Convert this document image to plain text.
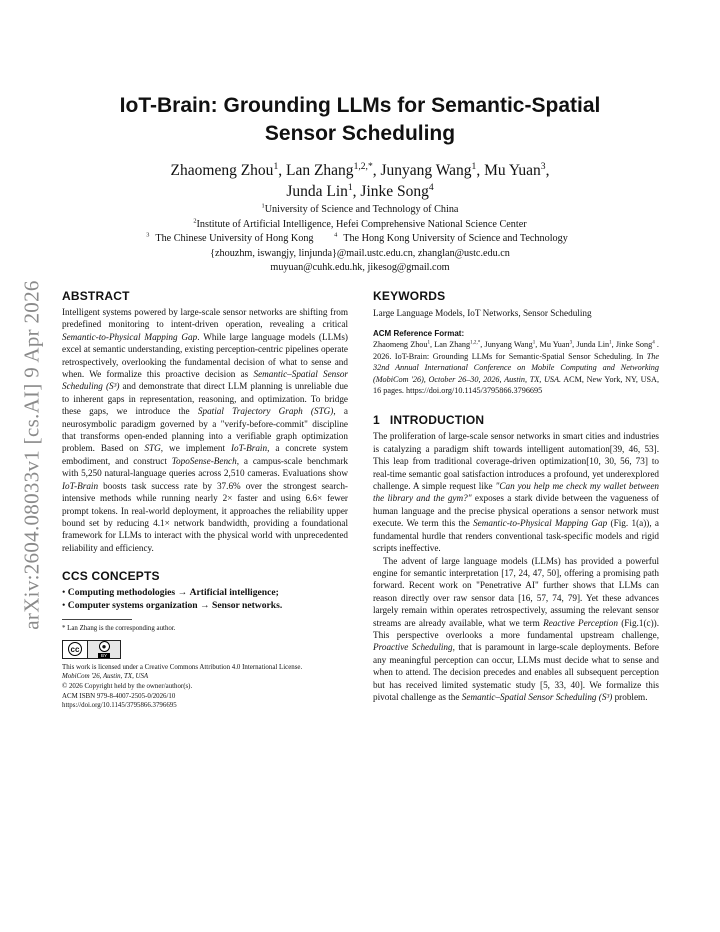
arXiv:2604.08033v1 [cs.AI] 9 Apr 2026
IoT-Brain: Grounding LLMs for Semantic-Spatial
Sensor Scheduling
Zhaomeng Zhou$^1$, Lan Zhang$^{1,2,*}$, Junyang Wang$^1$, Mu Yuan$^3$,
Junda Lin$^1$, Jinke Song$^4$
$^1$University of Science and Technology of China
$^2$Institute of Artificial Intelligence, Hefei Comprehensive National Science Center
$^3$ The Chinese University of Hong Kong	$^4$ The Hong Kong University of Science and Technology
{zhouzhm, iswangjy, linjunda}@mail.ustc.edu.cn, zhanglan@ustc.edu.cn
muyuan@cuhk.edu.hk, jikesog@gmail.com
ABSTRACT

Intelligent systems powered by large-scale sensor networks are shifting from predefined monitoring to intent-driven operation, revealing a critical Semantic-to-Physical Mapping Gap. While large language models (LLMs) excel at semantic understanding, existing perception-centric pipelines operate retrospectively, overlooking the fundamental decision of what to sense and when. We formalize this proactive decision as Semantic–Spatial Sensor Scheduling (S³) and demonstrate that direct LLM planning is unreliable due to inherent gaps in representation, reasoning, and optimization. To bridge these gaps, we introduce the Spatial Trajectory Graph (STG), a neurosymbolic paradigm governed by a "verify-before-commit" discipline that transforms open-ended planning into a verifiable graph optimization problem. Based on STG, we implement IoT-Brain, a concrete system embodiment, and construct TopoSense-Bench, a campus-scale benchmark with 5,250 natural-language queries across 2,510 cameras. Evaluations show IoT-Brain boosts task success rate by 37.6% over the strongest search-intensive methods while running nearly 2× faster and using 6.6× fewer prompt tokens. In real-world deployment, it approaches the reliability upper bound set by reducing 4.1× network bandwidth, providing a foundational framework for LLMs to interact with the physical world with unprecedented reliability and efficiency.

CCS CONCEPTS
• Computing methodologies → Artificial intelligence;
• Computer systems organization → Sensor networks.
* Lan Zhang is the corresponding author.
cc	●
BY
This work is licensed under a Creative Commons Attribution 4.0 International License.
MobiCom '26, Austin, TX, USA
© 2026 Copyright held by the owner/author(s).
ACM ISBN 979-8-4007-2505-0/2026/10
https://doi.org/10.1145/3795866.3796695
KEYWORDS
Large Language Models, IoT Networks, Sensor Scheduling
ACM Reference Format:
Zhaomeng Zhou$^1$, Lan Zhang$^{1,2,*}$, Junyang Wang$^1$, Mu Yuan$^3$, Junda Lin$^1$, Jinke Song$^4$ . 2026. IoT-Brain: Grounding LLMs for Semantic-Spatial Sensor Scheduling. In The 32nd Annual International Conference on Mobile Computing and Networking (MobiCom '26), October 26–30, 2026, Austin, TX, USA. ACM, New York, NY, USA, 16 pages. https://doi.org/10.1145/3795866.3796695
1 INTRODUCTION

The proliferation of large-scale sensor networks in smart cities and industries is catalyzing a paradigm shift towards intelligent automation[39, 46, 53]. This leap from traditional coverage-driven optimization[10, 30, 56, 73] to real-time semantic goal satisfaction introduces a profound, yet underexplored challenge. A simple request like "Can you help me check my wallet between the library and the gym?" exposes a stark divide between the vagueness of human language and the precise physical operations a sensor network must execute. We term this the Semantic-to-Physical Mapping Gap (Fig. 1(a)), a fundamental hurdle that renders conventional task-specific models and rigid scripts ineffective.

The advent of large language models (LLMs) has provided a powerful engine for semantic interpretation [17, 24, 47, 50], offering a promising path forward. Recent work on "Penetrative AI" further shows that LLMs can reason directly over raw sensor data [16, 57, 74, 79]. Yet these advances largely remain within operates retrospectively, assuming the relevant sensor streams are already available, what we term Reactive Perception (Fig.1(c)). This perspective overlooks a more fundamental upstream challenge, Proactive Scheduling, that is paramount in large-scale deployments. Before any meaningful perception can occur, LLMs must decide what to sense and when to attend. The decision precedes and enables all subsequent perception but has received limited systematic study [5, 33, 40]. We formalize this pivotal challenge as the Semantic–Spatial Sensor Scheduling (S³) problem.
